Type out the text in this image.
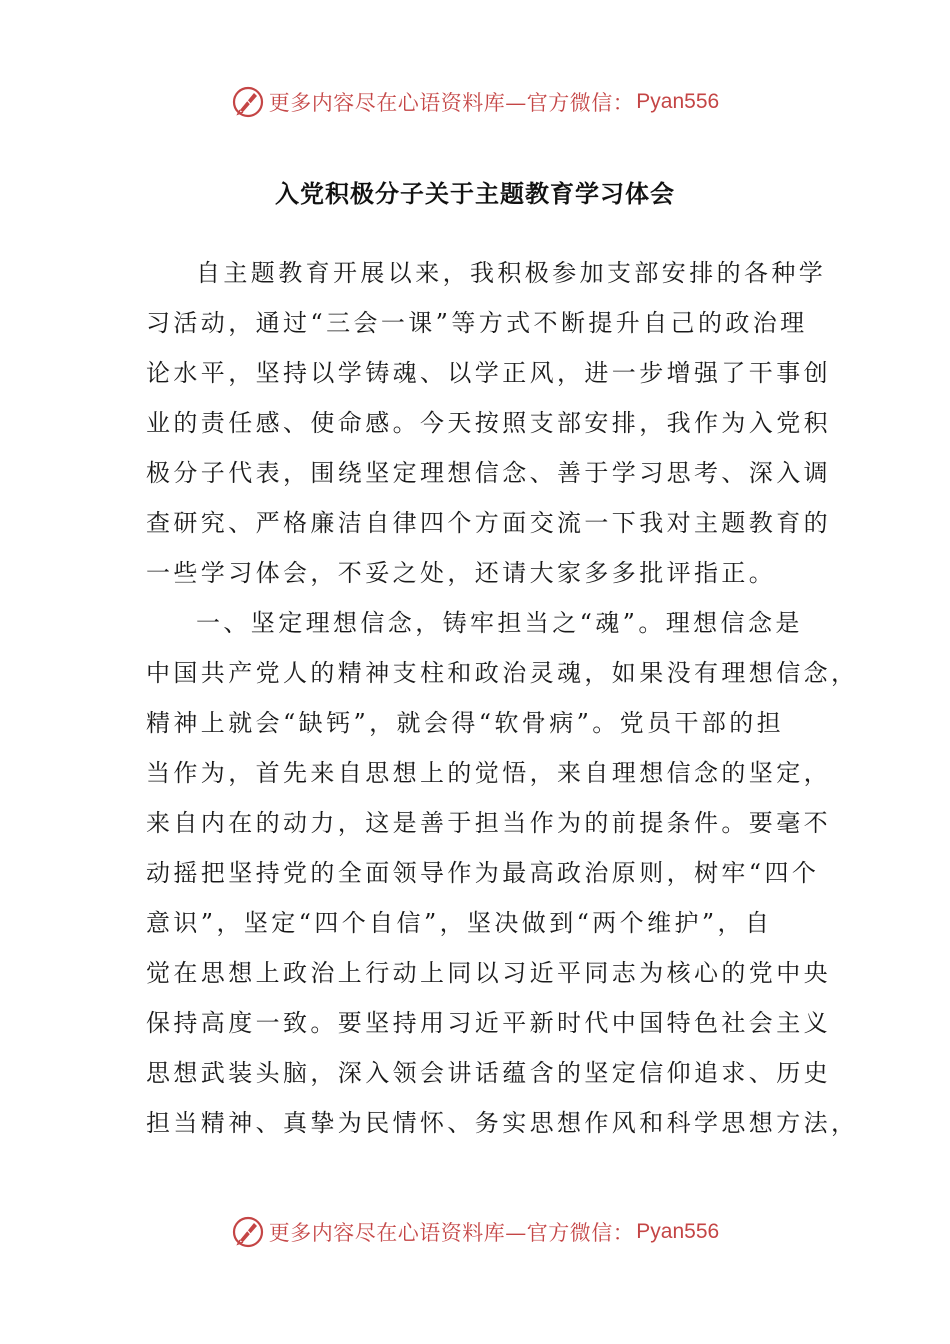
更多内容尽在心语资料库—官方微信： Pyan556
入党积极分子关于主题教育学习体会
自主题教育开展以来，我积极参加支部安排的各种学
习活动，通过“三会一课”等方式不断提升自己的政治理
论水平，坚持以学铸魂、以学正风，进一步增强了干事创
业的责任感、使命感。今天按照支部安排，我作为入党积
极分子代表，围绕坚定理想信念、善于学习思考、深入调
查研究、严格廉洁自律四个方面交流一下我对主题教育的
一些学习体会，不妥之处，还请大家多多批评指正。
一、坚定理想信念，铸牢担当之“魂”。理想信念是
中国共产党人的精神支柱和政治灵魂，如果没有理想信念，
精神上就会“缺钙”，就会得“软骨病”。党员干部的担
当作为，首先来自思想上的觉悟，来自理想信念的坚定，
来自内在的动力，这是善于担当作为的前提条件。要毫不
动摇把坚持党的全面领导作为最高政治原则，树牢“四个
意识”，坚定“四个自信”，坚决做到“两个维护”，自
觉在思想上政治上行动上同以习近平同志为核心的党中央
保持高度一致。要坚持用习近平新时代中国特色社会主义
思想武装头脑，深入领会讲话蕴含的坚定信仰追求、历史
担当精神、真挚为民情怀、务实思想作风和科学思想方法，
更多内容尽在心语资料库—官方微信： Pyan556
